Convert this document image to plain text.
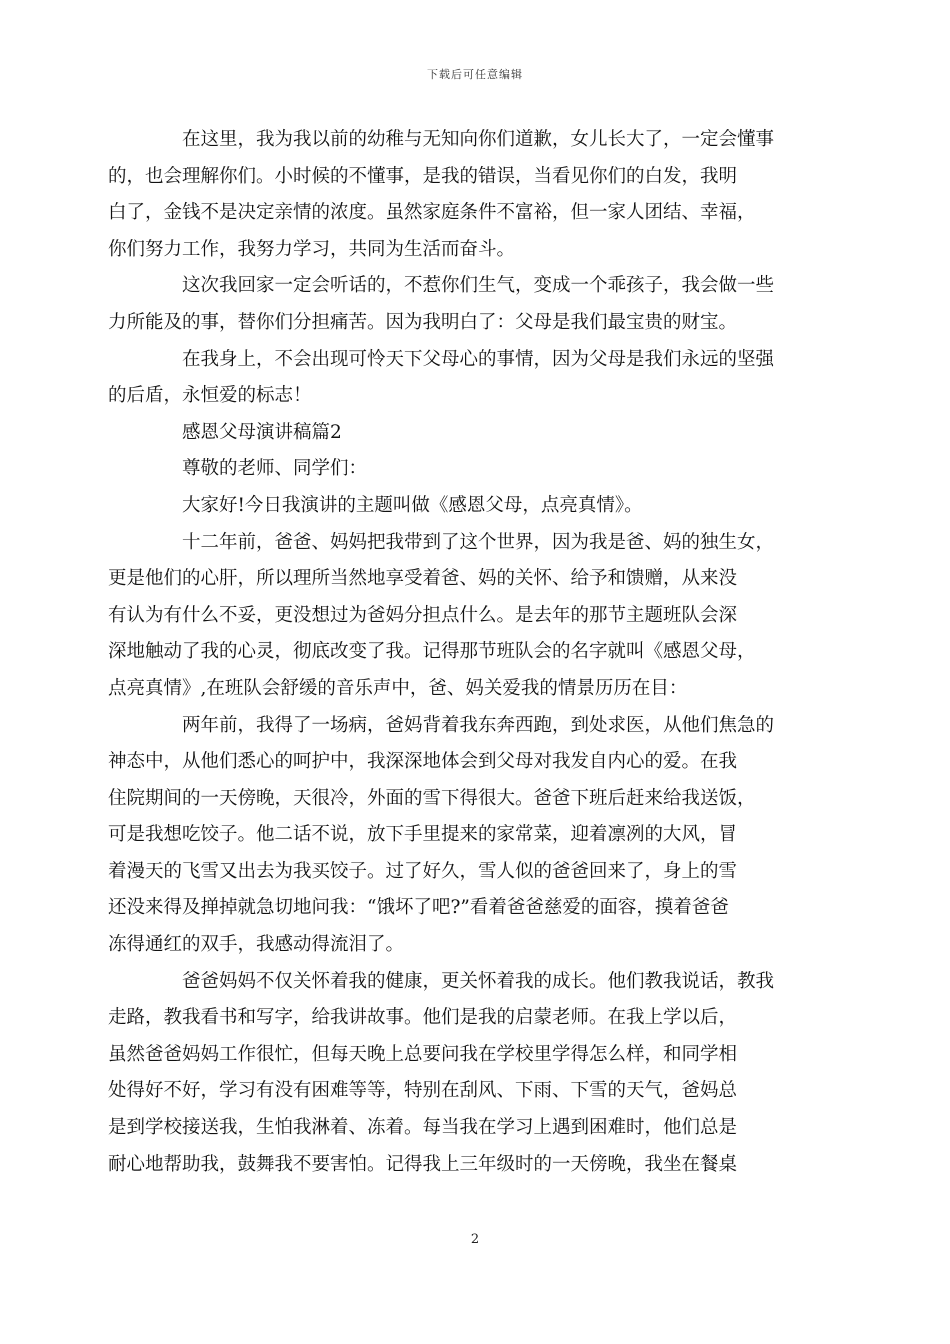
下载后可任意编辑

在这里，我为我以前的幼稚与无知向你们道歉，女儿长大了，一定会懂事
的，也会理解你们。小时候的不懂事，是我的错误，当看见你们的白发，我明
白了，金钱不是决定亲情的浓度。虽然家庭条件不富裕，但一家人团结、幸福，
你们努力工作，我努力学习，共同为生活而奋斗。

这次我回家一定会听话的，不惹你们生气，变成一个乖孩子，我会做一些
力所能及的事，替你们分担痛苦。因为我明白了：父母是我们最宝贵的财宝。

在我身上，不会出现可怜天下父母心的事情，因为父母是我们永远的坚强
的后盾，永恒爱的标志！

感恩父母演讲稿篇2

尊敬的老师、同学们：

大家好!今日我演讲的主题叫做《感恩父母，点亮真情》。

十二年前，爸爸、妈妈把我带到了这个世界，因为我是爸、妈的独生女，
更是他们的心肝，所以理所当然地享受着爸、妈的关怀、给予和馈赠，从来没
有认为有什么不妥，更没想过为爸妈分担点什么。是去年的那节主题班队会深
深地触动了我的心灵，彻底改变了我。记得那节班队会的名字就叫《感恩父母，
点亮真情》,在班队会舒缓的音乐声中，爸、妈关爱我的情景历历在目：

两年前，我得了一场病，爸妈背着我东奔西跑，到处求医，从他们焦急的
神态中，从他们悉心的呵护中，我深深地体会到父母对我发自内心的爱。在我
住院期间的一天傍晚，天很冷，外面的雪下得很大。爸爸下班后赶来给我送饭，
可是我想吃饺子。他二话不说，放下手里提来的家常菜，迎着凛冽的大风，冒
着漫天的飞雪又出去为我买饺子。过了好久，雪人似的爸爸回来了，身上的雪
还没来得及掸掉就急切地问我：“饿坏了吧?”看着爸爸慈爱的面容，摸着爸爸
冻得通红的双手，我感动得流泪了。

爸爸妈妈不仅关怀着我的健康，更关怀着我的成长。他们教我说话，教我
走路，教我看书和写字，给我讲故事。他们是我的启蒙老师。在我上学以后，
虽然爸爸妈妈工作很忙，但每天晚上总要问我在学校里学得怎么样，和同学相
处得好不好，学习有没有困难等等，特别在刮风、下雨、下雪的天气，爸妈总
是到学校接送我，生怕我淋着、冻着。每当我在学习上遇到困难时，他们总是
耐心地帮助我，鼓舞我不要害怕。记得我上三年级时的一天傍晚，我坐在餐桌

2
